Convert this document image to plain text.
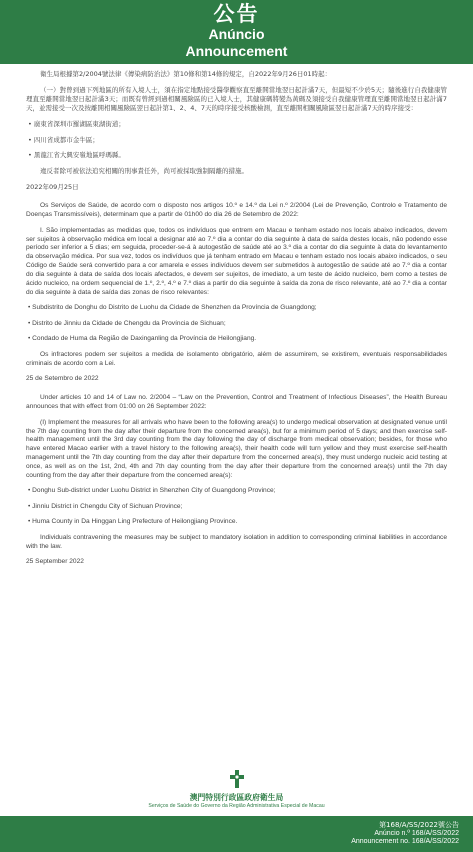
公告
Anúncio
Announcement

衛生局根據第2/2004號法律《傳染病防治法》第10條和第14條的規定，自2022年9月26日01時起：

（一）對曾到過下列地區的所有入境人士，須在指定地點接受醫學觀察直至離開當地翌日起計滿7天，但最短不少於5天；隨後進行自我健康管理直至離開當地翌日起計滿3天；而既有曾經到過相關風險區的已入境人士，其健康碼將變為黃碼及須接受自我健康管理直至離開當地翌日起計滿7天，並需接受一次及按離開相關風險區翌日起計第1、2、4、7天的時序接受核酸檢測，直至離開相關風險區翌日起計滿7天的時序接受：

• 廣東省深圳市羅湖區東湖街道；

• 四川省成都市金牛區；

• 黑龍江省大興安嶺地區呼瑪縣。

違反者除可被依法追究相關的刑事責任外，尚可被採取強制隔離的措施。

2022年09月25日

Os Serviços de Saúde, de acordo com o disposto nos artigos 10.º e 14.º da Lei n.º 2/2004 (Lei de Prevenção, Controlo e Tratamento de Doenças Transmissíveis), determinam que a partir de 01h00 do dia 26 de Setembro de 2022:

I. São implementadas as medidas que, todos os indivíduos que entrem em Macau e tenham estado nos locais abaixo indicados, devem ser sujeitos à observação médica em local a designar até ao 7.º dia a contar do dia seguinte à data de saída destes locais, não podendo esse período ser inferior a 5 dias; em seguida, proceder-se-á à autogestão de saúde até ao 3.º dia a contar do dia seguinte à data do levantamento da observação médica. Por sua vez, todos os indivíduos que já tenham entrado em Macau e tenham estado nos locais abaixo indicados, o seu Código de Saúde será convertido para a cor amarela e esses indivíduos devem ser submetidos à autogestão de saúde até ao 7.º dia a contar do dia seguinte à data de saída dos locais afectados, e devem ser sujeitos, de imediato, a um teste de ácido nucleico, bem como a testes de ácido nucleico, na ordem sequencial de 1.º, 2.º, 4.º e 7.º dias a partir do dia seguinte à saída da zona de risco relevante, até ao 7.º dia a contar do dia seguinte à data de saída das zonas de risco relevantes:

• Subdistrito de Donghu do Distrito de Luohu da Cidade de Shenzhen da Província de Guangdong;

• Distrito de Jinniu da Cidade de Chengdu da Província de Sichuan;

• Condado de Huma da Região de Daxinganling da Província de Heilongjiang.

Os infractores podem ser sujeitos a medida de isolamento obrigatório, além de assumirem, se existirem, eventuais responsabilidades criminais de acordo com a Lei.

25 de Setembro de 2022

Under articles 10 and 14 of Law no. 2/2004 – “Law on the Prevention, Control and Treatment of Infectious Diseases”, the Health Bureau announces that with effect from 01:00 on 26 September 2022:

(I) Implement the measures for all arrivals who have been to the following area(s) to undergo medical observation at designated venue until the 7th day counting from the day after their departure from the concerned area(s), but for a minimum period of 5 days; and then exercise self-health management until the 3rd day counting from the day following the day of discharge from medical observation; besides, for those who have entered Macao earlier with a travel history to the following area(s), their health code will turn yellow and they must exercise self-health management until the 7th day counting from the day after their departure from the concerned area(s), they must undergo nucleic acid testing at once, as well as on the 1st, 2nd, 4th and 7th day counting from the day after their departure from the concerned area(s) until the 7th day counting from the day after their departure from the concerned area(s):

• Donghu Sub-district under Luohu District in Shenzhen City of Guangdong Province;

• Jinniu District in Chengdu City of Sichuan Province;

• Huma County in Da Hinggan Ling Prefecture of Heilongjiang Province.

Individuals contravening the measures may be subject to mandatory isolation in addition to corresponding criminal liabilities in accordance with the law.

25 September 2022

澳門特別行政區政府衛生局
Serviços de Saúde do Governo da Região Administrativa Especial de Macau
第168/A/SS/2022號公告
Anúncio n.º 168/A/SS/2022
Announcement no. 168/A/SS/2022
